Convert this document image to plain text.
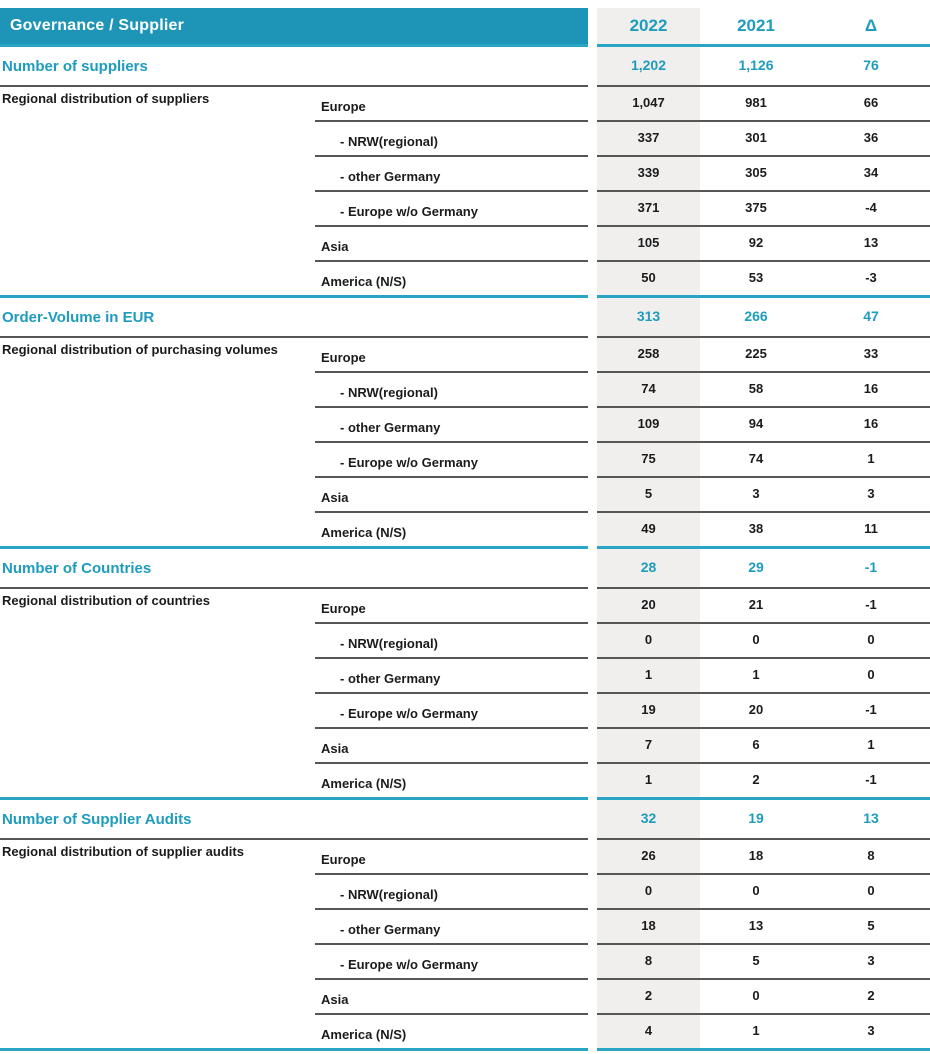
Governance / Supplier	2022	2021	Δ
Number of suppliers	1,202	1,126	76
Regional distribution of suppliers
Europe	1,047	981	66
- NRW(regional)	337	301	36
- other Germany	339	305	34
- Europe w/o Germany	371	375	-4
Asia	105	92	13
America (N/S)	50	53	-3
Order-Volume in EUR	313	266	47
Regional distribution of purchasing volumes
Europe	258	225	33
- NRW(regional)	74	58	16
- other Germany	109	94	16
- Europe w/o Germany	75	74	1
Asia	5	3	3
America (N/S)	49	38	11
Number of Countries	28	29	-1
Regional distribution of countries
Europe	20	21	-1
- NRW(regional)	0	0	0
- other Germany	1	1	0
- Europe w/o Germany	19	20	-1
Asia	7	6	1
America (N/S)	1	2	-1
Number of Supplier Audits	32	19	13
Regional distribution of supplier audits
Europe	26	18	8
- NRW(regional)	0	0	0
- other Germany	18	13	5
- Europe w/o Germany	8	5	3
Asia	2	0	2
America (N/S)	4	1	3
